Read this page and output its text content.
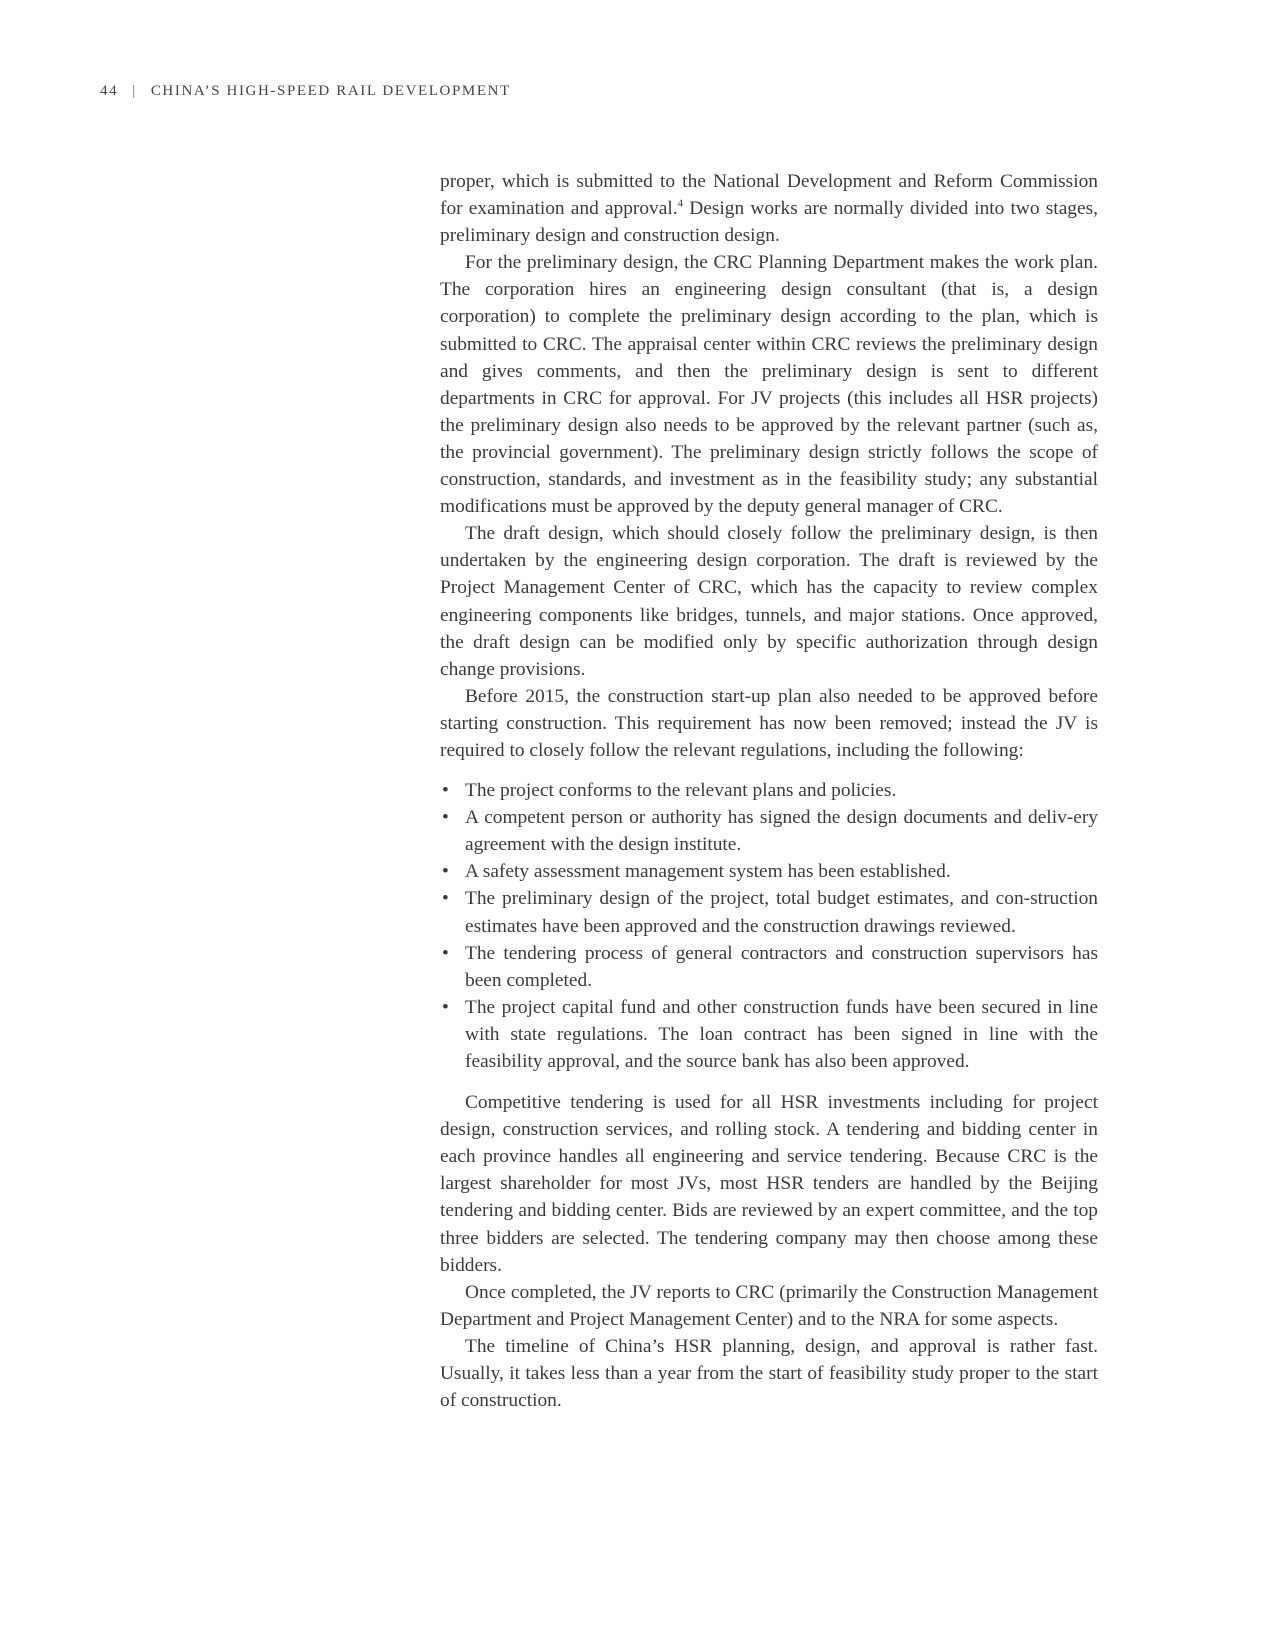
44 | CHINA’S HIGH-SPEED RAIL DEVELOPMENT

proper, which is submitted to the National Development and Reform Commission for examination and approval.$^4$ Design works are normally divided into two stages, preliminary design and construction design.

For the preliminary design, the CRC Planning Department makes the work plan. The corporation hires an engineering design consultant (that is, a design corporation) to complete the preliminary design according to the plan, which is submitted to CRC. The appraisal center within CRC reviews the preliminary design and gives comments, and then the preliminary design is sent to different departments in CRC for approval. For JV projects (this includes all HSR projects) the preliminary design also needs to be approved by the relevant partner (such as, the provincial government). The preliminary design strictly follows the scope of construction, standards, and investment as in the feasibility study; any substantial modifications must be approved by the deputy general manager of CRC.

The draft design, which should closely follow the preliminary design, is then undertaken by the engineering design corporation. The draft is reviewed by the Project Management Center of CRC, which has the capacity to review complex engineering components like bridges, tunnels, and major stations. Once approved, the draft design can be modified only by specific authorization through design change provisions.

Before 2015, the construction start-up plan also needed to be approved before starting construction. This requirement has now been removed; instead the JV is required to closely follow the relevant regulations, including the following:

• The project conforms to the relevant plans and policies.
• A competent person or authority has signed the design documents and deliv-ery agreement with the design institute.
• A safety assessment management system has been established.
• The preliminary design of the project, total budget estimates, and con-struction estimates have been approved and the construction drawings reviewed.
• The tendering process of general contractors and construction supervisors has been completed.
• The project capital fund and other construction funds have been secured in line with state regulations. The loan contract has been signed in line with the feasibility approval, and the source bank has also been approved.

Competitive tendering is used for all HSR investments including for project design, construction services, and rolling stock. A tendering and bidding center in each province handles all engineering and service tendering. Because CRC is the largest shareholder for most JVs, most HSR tenders are handled by the Beijing tendering and bidding center. Bids are reviewed by an expert committee, and the top three bidders are selected. The tendering company may then choose among these bidders.

Once completed, the JV reports to CRC (primarily the Construction Management Department and Project Management Center) and to the NRA for some aspects.

The timeline of China’s HSR planning, design, and approval is rather fast. Usually, it takes less than a year from the start of feasibility study proper to the start of construction.
